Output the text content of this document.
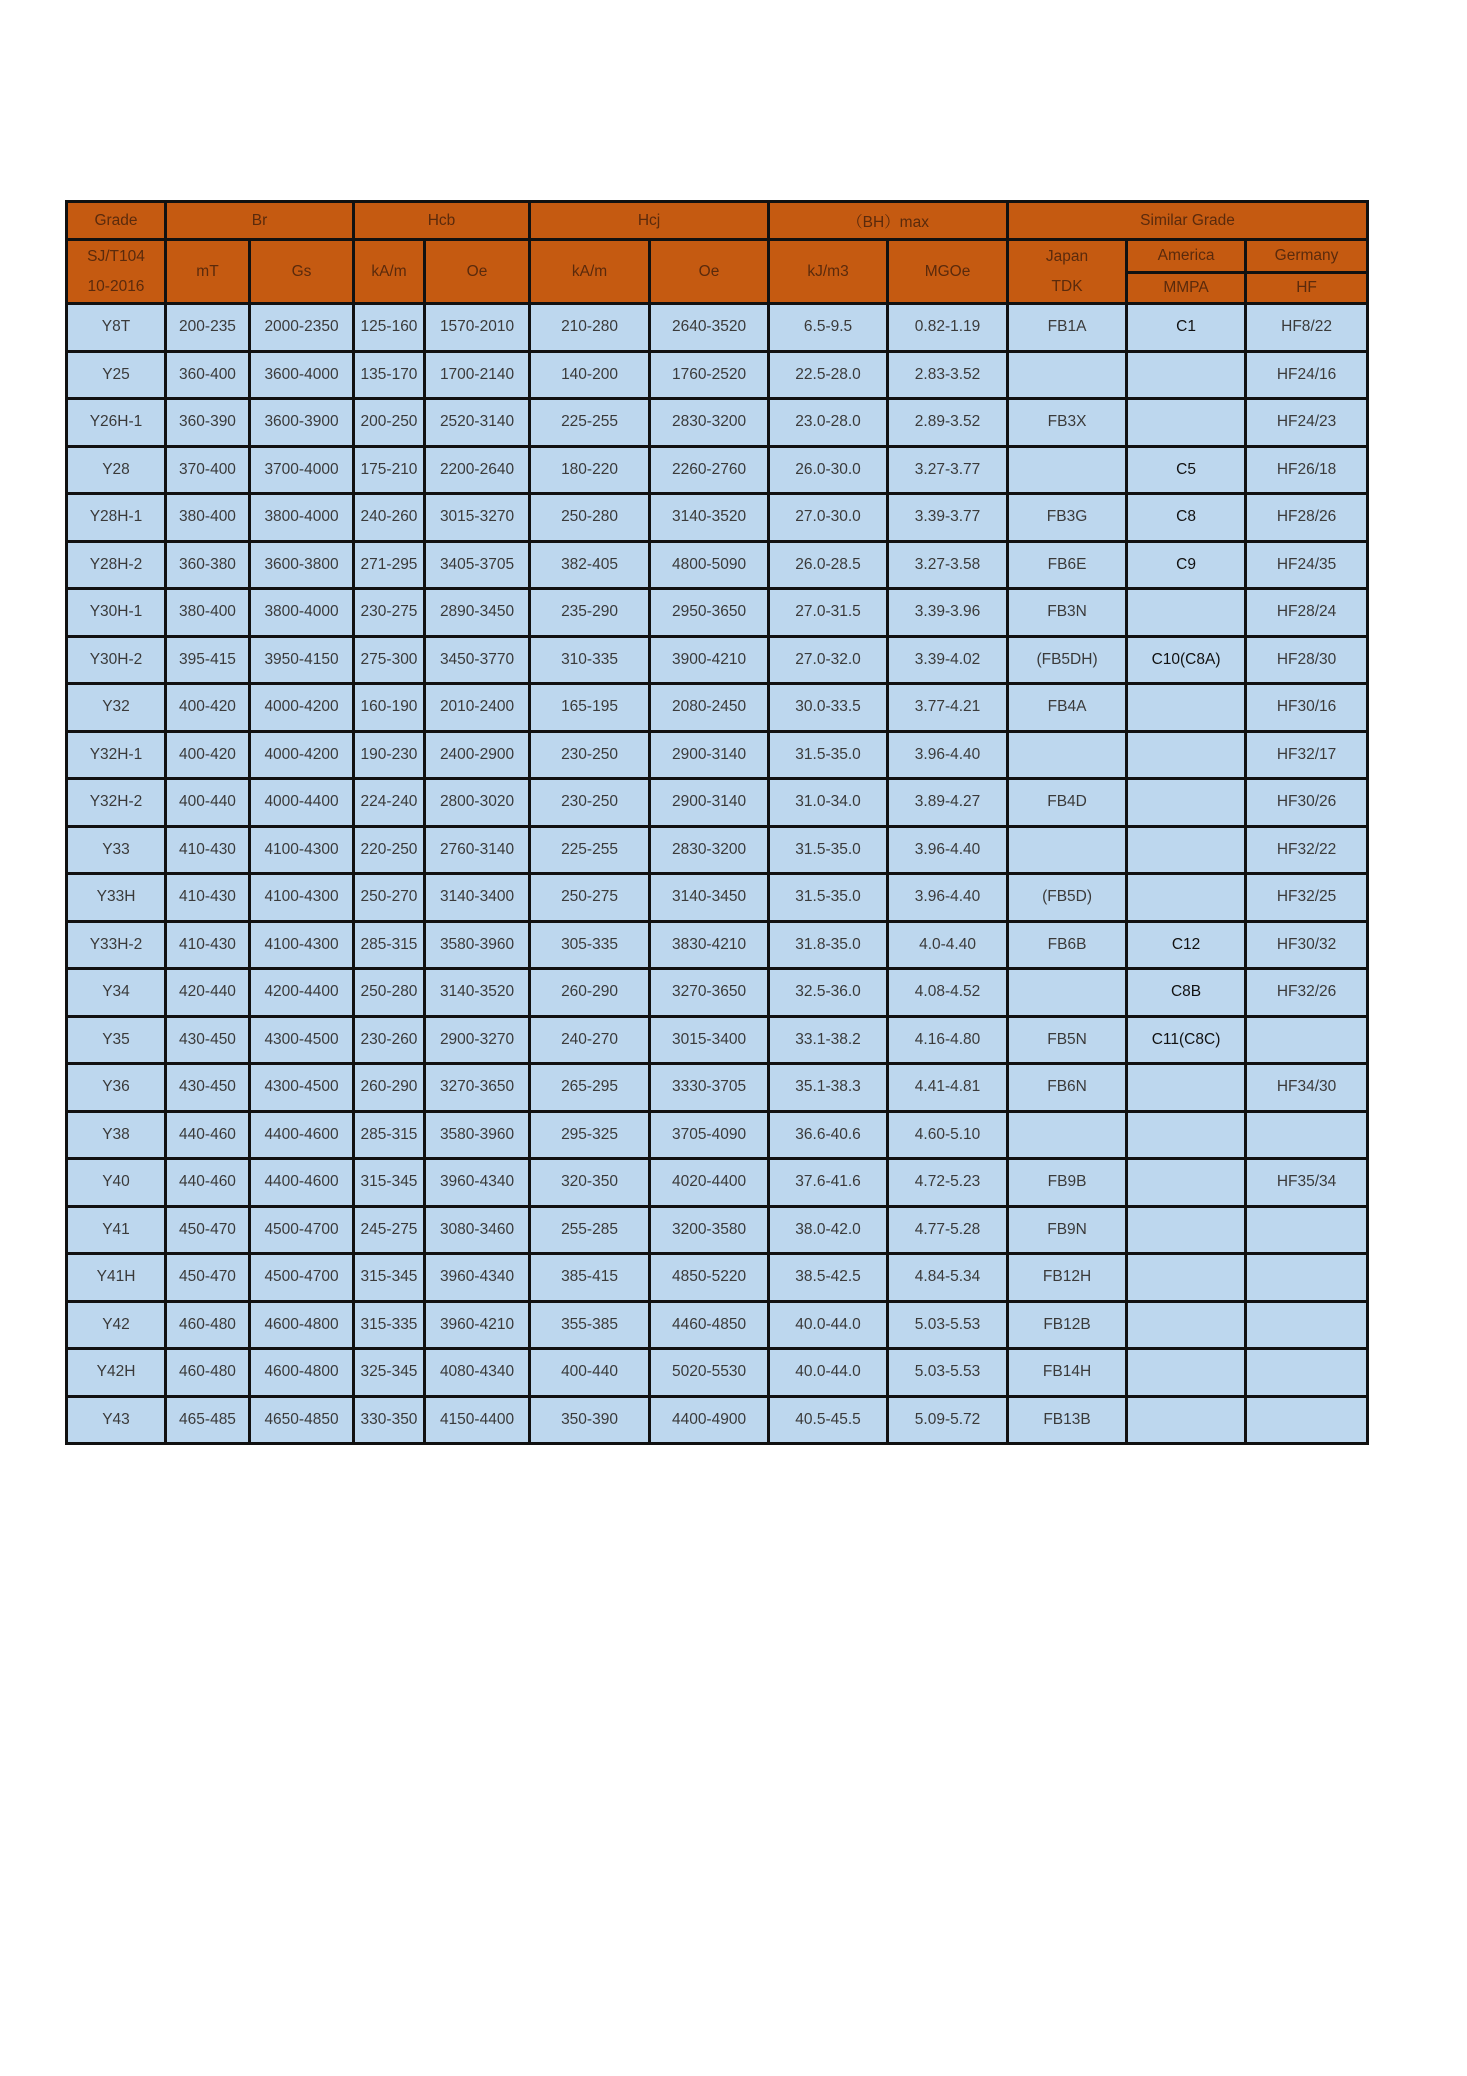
Grade	Br		Hcb		Hcj		（BH）max		Similar Grade		
SJ/T104	mT	Gs	kA/m	Oe	kA/m	Oe	kJ/m3	MGOe	Japan	America	Germany
10-2016									TDK	MMPA	HF
Y8T	200-235	2000-2350	125-160	1570-2010	210-280	2640-3520	6.5-9.5	0.82-1.19	FB1A	C1	HF8/22
Y25	360-400	3600-4000	135-170	1700-2140	140-200	1760-2520	22.5-28.0	2.83-3.52			HF24/16
Y26H-1	360-390	3600-3900	200-250	2520-3140	225-255	2830-3200	23.0-28.0	2.89-3.52	FB3X		HF24/23
Y28	370-400	3700-4000	175-210	2200-2640	180-220	2260-2760	26.0-30.0	3.27-3.77		C5	HF26/18
Y28H-1	380-400	3800-4000	240-260	3015-3270	250-280	3140-3520	27.0-30.0	3.39-3.77	FB3G	C8	HF28/26
Y28H-2	360-380	3600-3800	271-295	3405-3705	382-405	4800-5090	26.0-28.5	3.27-3.58	FB6E	C9	HF24/35
Y30H-1	380-400	3800-4000	230-275	2890-3450	235-290	2950-3650	27.0-31.5	3.39-3.96	FB3N		HF28/24
Y30H-2	395-415	3950-4150	275-300	3450-3770	310-335	3900-4210	27.0-32.0	3.39-4.02	(FB5DH)	C10(C8A)	HF28/30
Y32	400-420	4000-4200	160-190	2010-2400	165-195	2080-2450	30.0-33.5	3.77-4.21	FB4A		HF30/16
Y32H-1	400-420	4000-4200	190-230	2400-2900	230-250	2900-3140	31.5-35.0	3.96-4.40			HF32/17
Y32H-2	400-440	4000-4400	224-240	2800-3020	230-250	2900-3140	31.0-34.0	3.89-4.27	FB4D		HF30/26
Y33	410-430	4100-4300	220-250	2760-3140	225-255	2830-3200	31.5-35.0	3.96-4.40			HF32/22
Y33H	410-430	4100-4300	250-270	3140-3400	250-275	3140-3450	31.5-35.0	3.96-4.40	(FB5D)		HF32/25
Y33H-2	410-430	4100-4300	285-315	3580-3960	305-335	3830-4210	31.8-35.0	4.0-4.40	FB6B	C12	HF30/32
Y34	420-440	4200-4400	250-280	3140-3520	260-290	3270-3650	32.5-36.0	4.08-4.52		C8B	HF32/26
Y35	430-450	4300-4500	230-260	2900-3270	240-270	3015-3400	33.1-38.2	4.16-4.80	FB5N	C11(C8C)	
Y36	430-450	4300-4500	260-290	3270-3650	265-295	3330-3705	35.1-38.3	4.41-4.81	FB6N		HF34/30
Y38	440-460	4400-4600	285-315	3580-3960	295-325	3705-4090	36.6-40.6	4.60-5.10			
Y40	440-460	4400-4600	315-345	3960-4340	320-350	4020-4400	37.6-41.6	4.72-5.23	FB9B		HF35/34
Y41	450-470	4500-4700	245-275	3080-3460	255-285	3200-3580	38.0-42.0	4.77-5.28	FB9N		
Y41H	450-470	4500-4700	315-345	3960-4340	385-415	4850-5220	38.5-42.5	4.84-5.34	FB12H		
Y42	460-480	4600-4800	315-335	3960-4210	355-385	4460-4850	40.0-44.0	5.03-5.53	FB12B		
Y42H	460-480	4600-4800	325-345	4080-4340	400-440	5020-5530	40.0-44.0	5.03-5.53	FB14H		
Y43	465-485	4650-4850	330-350	4150-4400	350-390	4400-4900	40.5-45.5	5.09-5.72	FB13B		
